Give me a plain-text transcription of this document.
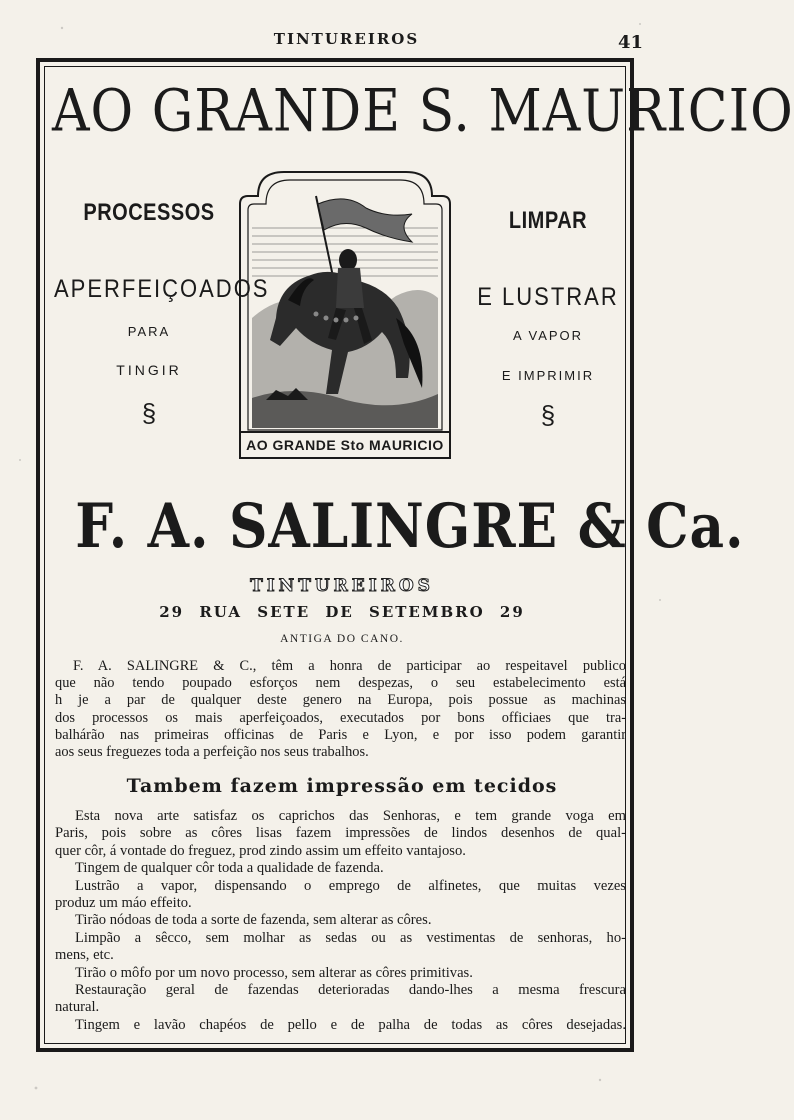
TINTUREIROS	41
AO GRANDE S. MAURICIO
PROCESSOS
APERFEIÇOADOS
PARA
TINGIR
§
LIMPAR
E LUSTRAR
A VAPOR
E IMPRIMIR
§
AO GRANDE Sto MAURICIO
F. A. SALINGRE & Ca.
TINTUREIROS
29 RUA SETE DE SETEMBRO 29
ANTIGA DO CANO.
F. A. SALINGRE & C., têm a honra de participar ao respeitavel publico
que não tendo poupado esforços nem despezas, o seu estabelecimento está
h je a par de qualquer deste genero na Europa, pois possue as machinas
dos processos os mais aperfeiçoados, executados por bons officiaes que tra-
balhárão nas primeiras officinas de Paris e Lyon, e por isso podem garantir
aos seus freguezes toda a perfeição nos seus trabalhos.
Tambem fazem impressão em tecidos
Esta nova arte satisfaz os caprichos das Senhoras, e tem grande voga em
Paris, pois sobre as côres lisas fazem impressões de lindos desenhos de qual-
quer côr, á vontade do freguez, prod zindo assim um effeito vantajoso.
Tingem de qualquer côr toda a qualidade de fazenda.
Lustrão a vapor, dispensando o emprego de alfinetes, que muitas vezes
produz um máo effeito.
Tirão nódoas de toda a sorte de fazenda, sem alterar as côres.
Limpão a sêcco, sem molhar as sedas ou as vestimentas de senhoras, ho-
mens, etc.
Tirão o môfo por um novo processo, sem alterar as côres primitivas.
Restauração geral de fazendas deterioradas dando-lhes a mesma frescura
natural.
Tingem e lavão chapéos de pello e de palha de todas as côres desejadas.
